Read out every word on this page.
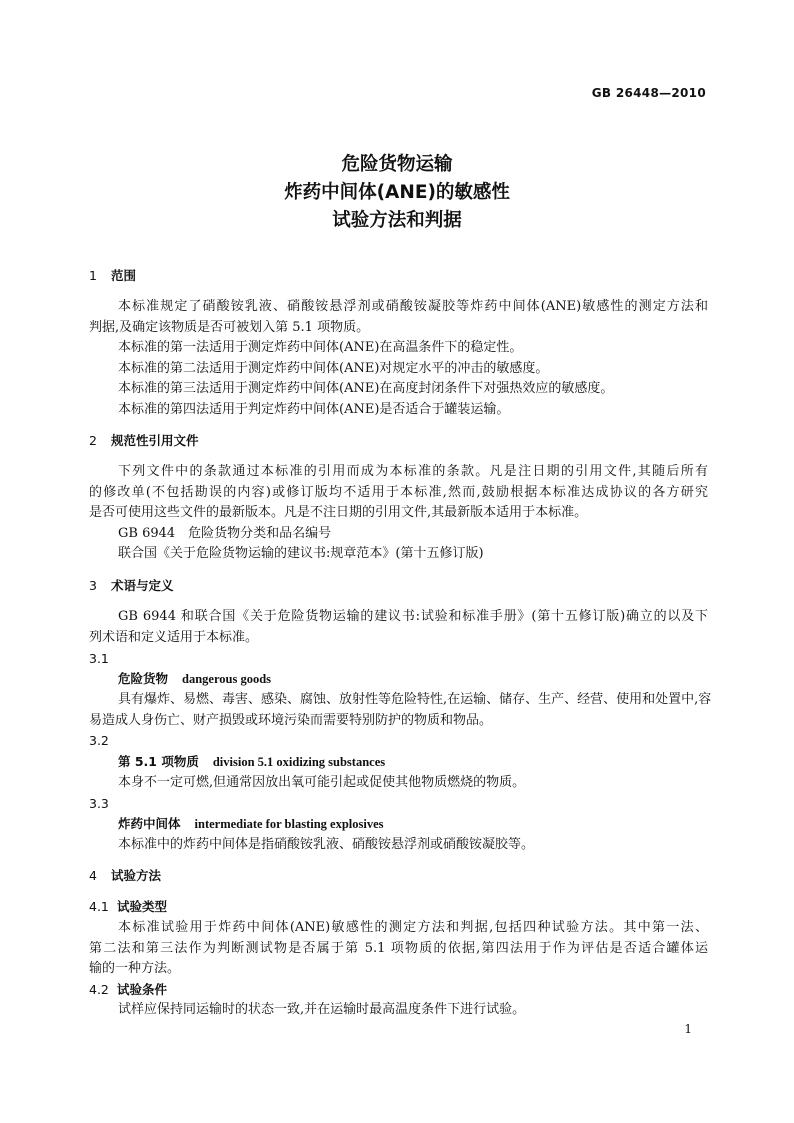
GB 26448—2010
危险货物运输
炸药中间体(ANE)的敏感性
试验方法和判据
1 范围
本标准规定了硝酸铵乳液、硝酸铵悬浮剂或硝酸铵凝胶等炸药中间体(ANE)敏感性的测定方法和
判据,及确定该物质是否可被划入第 5.1 项物质。
本标准的第一法适用于测定炸药中间体(ANE)在高温条件下的稳定性。
本标准的第二法适用于测定炸药中间体(ANE)对规定水平的冲击的敏感度。
本标准的第三法适用于测定炸药中间体(ANE)在高度封闭条件下对强热效应的敏感度。
本标准的第四法适用于判定炸药中间体(ANE)是否适合于罐装运输。
2 规范性引用文件
下列文件中的条款通过本标准的引用而成为本标准的条款。凡是注日期的引用文件,其随后所有
的修改单(不包括勘误的内容)或修订版均不适用于本标准,然而,鼓励根据本标准达成协议的各方研究
是否可使用这些文件的最新版本。凡是不注日期的引用文件,其最新版本适用于本标准。
GB 6944　危险货物分类和品名编号
联合国《关于危险货物运输的建议书:规章范本》(第十五修订版)
3 术语与定义
GB 6944 和联合国《关于危险货物运输的建议书:试验和标准手册》(第十五修订版)确立的以及下
列术语和定义适用于本标准。
3.1
危险货物 dangerous goods
具有爆炸、易燃、毒害、感染、腐蚀、放射性等危险特性,在运输、储存、生产、经营、使用和处置中,容
易造成人身伤亡、财产损毁或环境污染而需要特别防护的物质和物品。
3.2
第 5.1 项物质 division 5.1 oxidizing substances
本身不一定可燃,但通常因放出氧可能引起或促使其他物质燃烧的物质。
3.3
炸药中间体 intermediate for blasting explosives
本标准中的炸药中间体是指硝酸铵乳液、硝酸铵悬浮剂或硝酸铵凝胶等。
4 试验方法
4.1 试验类型
本标准试验用于炸药中间体(ANE)敏感性的测定方法和判据,包括四种试验方法。其中第一法、
第二法和第三法作为判断测试物是否属于第 5.1 项物质的依据,第四法用于作为评估是否适合罐体运
输的一种方法。
4.2 试验条件
试样应保持同运输时的状态一致,并在运输时最高温度条件下进行试验。
1
